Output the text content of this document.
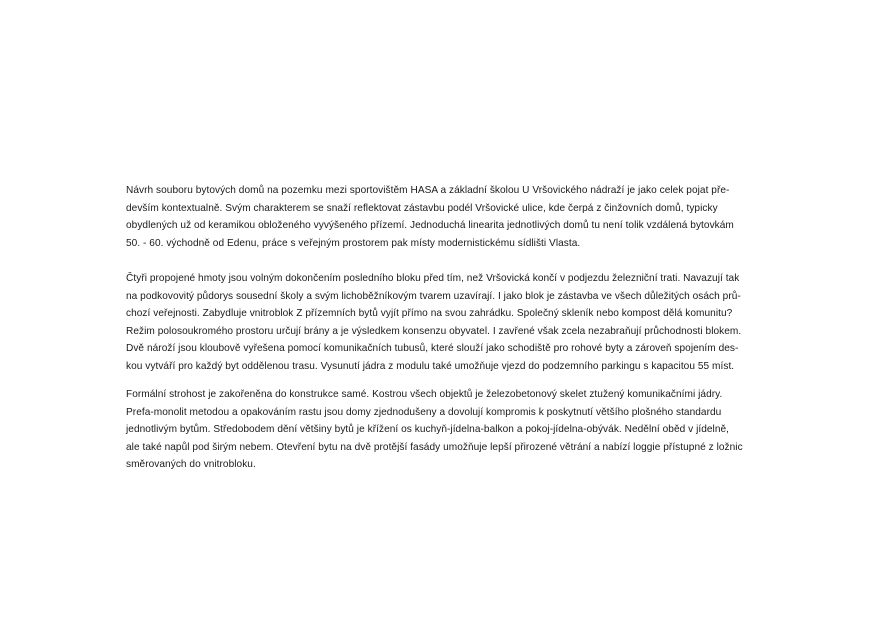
Návrh souboru bytových domů na pozemku mezi sportovištěm HASA a základní školou U Vršovického nádraží je jako celek pojat pře-
devším kontextualně. Svým charakterem se snaží reflektovat zástavbu podél Vršovické ulice, kde čerpá z činžovních domů, typicky
obydlených už od keramikou obloženého vyvýšeného přízemí. Jednoduchá linearita jednotlivých domů tu není tolik vzdálená bytovkám
50. - 60. východně od Edenu, práce s veřejným prostorem pak místy modernistickému sídlišti Vlasta.

Čtyři propojené hmoty jsou volným dokončením posledního bloku před tím, než Vršovická končí v podjezdu železniční trati. Navazují tak
na podkovovitý půdorys sousední školy a svým lichoběžníkovým tvarem uzavírají. I jako blok je zástavba ve všech důležitých osách prů-
chozí veřejnosti. Zabydluje vnitroblok Z přízemních bytů vyjít přímo na svou zahrádku. Společný skleník nebo kompost dělá komunitu?
Režim polosoukromého prostoru určují brány a je výsledkem konsenzu obyvatel. I zavřené však zcela nezabraňují průchodnosti blokem.
Dvě nároží jsou kloubově vyřešena pomocí komunikačních tubusů, které slouží jako schodiště pro rohové byty a zároveň spojením des-
kou vytváří pro každý byt oddělenou trasu. Vysunutí jádra z modulu také umožňuje vjezd do podzemního parkingu s kapacitou 55 míst.

Formální strohost je zakořeněna do konstrukce samé. Kostrou všech objektů je železobetonový skelet ztužený komunikačními jádry.
Prefa-monolit metodou a opakováním rastu jsou domy zjednodušeny a dovolují kompromis k poskytnutí většího plošného standardu
jednotlivým bytům. Středobodem dění většiny bytů je křížení os kuchyň-jídelna-balkon a pokoj-jídelna-obývák. Nedělní oběd v jídelně,
ale také napůl pod širým nebem. Otevření bytu na dvě protější fasády umožňuje lepší přirozené větrání a nabízí loggie přístupné z ložnic
směrovaných do vnitrobloku.
